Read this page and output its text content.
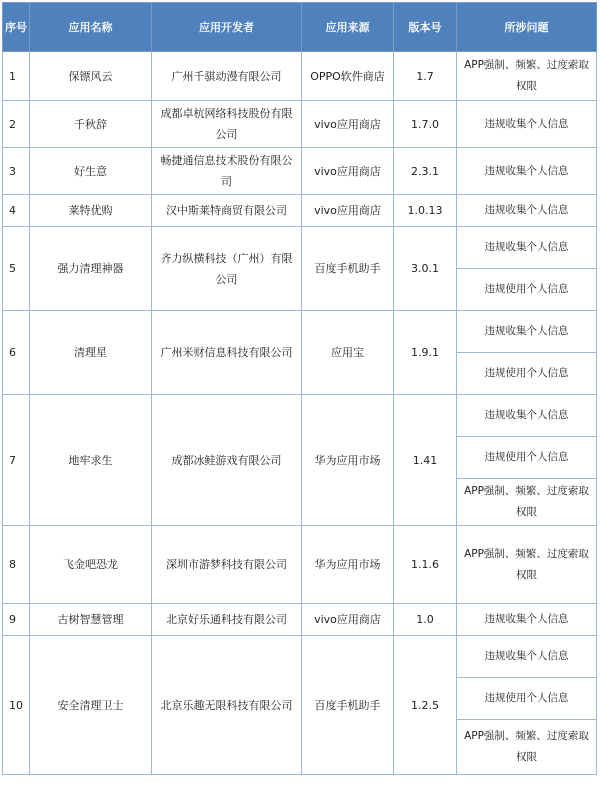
序号	应用名称	应用开发者	应用来源	版本号	所涉问题
1	保镖风云	广州千骐动漫有限公司	OPPO软件商店	1.7	APP强制、频繁、过度索取权限
2	千秋辞	成都卓杭网络科技股份有限公司	vivo应用商店	1.7.0	违规收集个人信息
3	好生意	畅捷通信息技术股份有限公司	vivo应用商店	2.3.1	违规收集个人信息
4	莱特优购	汉中斯莱特商贸有限公司	vivo应用商店	1.0.13	违规收集个人信息
5	强力清理神器	齐力纵横科技（广州）有限公司	百度手机助手	3.0.1	违规收集个人信息
					违规使用个人信息
6	清理星	广州米财信息科技有限公司	应用宝	1.9.1	违规收集个人信息
					违规使用个人信息
7	地牢求生	成都冰鲑游戏有限公司	华为应用市场	1.41	违规收集个人信息
					违规使用个人信息
					APP强制、频繁、过度索取权限
8	飞金吧恐龙	深圳市游梦科技有限公司	华为应用市场	1.1.6	APP强制、频繁、过度索取权限
9	古树智慧管理	北京好乐通科技有限公司	vivo应用商店	1.0	违规收集个人信息
10	安全清理卫士	北京乐趣无限科技有限公司	百度手机助手	1.2.5	违规收集个人信息
					违规使用个人信息
					APP强制、频繁、过度索取权限
